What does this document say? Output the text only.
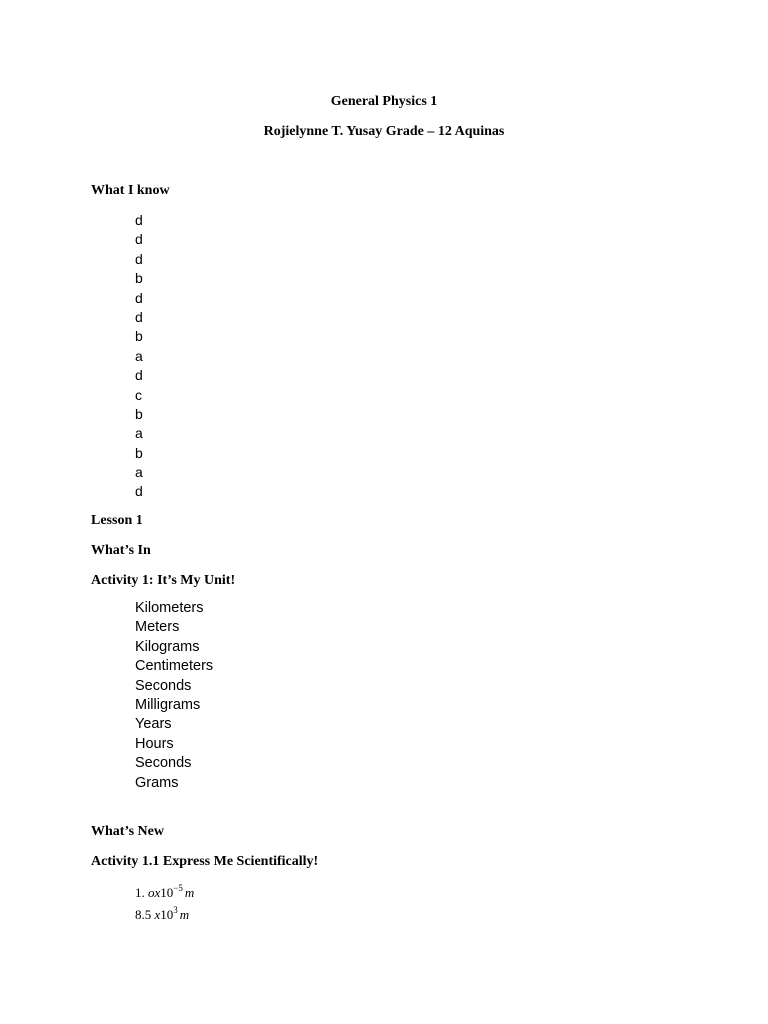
General Physics 1
Rojielynne T. Yusay Grade – 12 Aquinas
What I know
d
d
d
b
d
d
b
a
d
c
b
a
b
a
d
Lesson 1
What’s In
Activity 1: It’s My Unit!
Kilometers
Meters
Kilograms
Centimeters
Seconds
Milligrams
Years
Hours
Seconds
Grams
What’s New
Activity 1.1 Express Me Scientifically!
1. $ox10^{-5}$ m
8.5 $x10^3$ m
